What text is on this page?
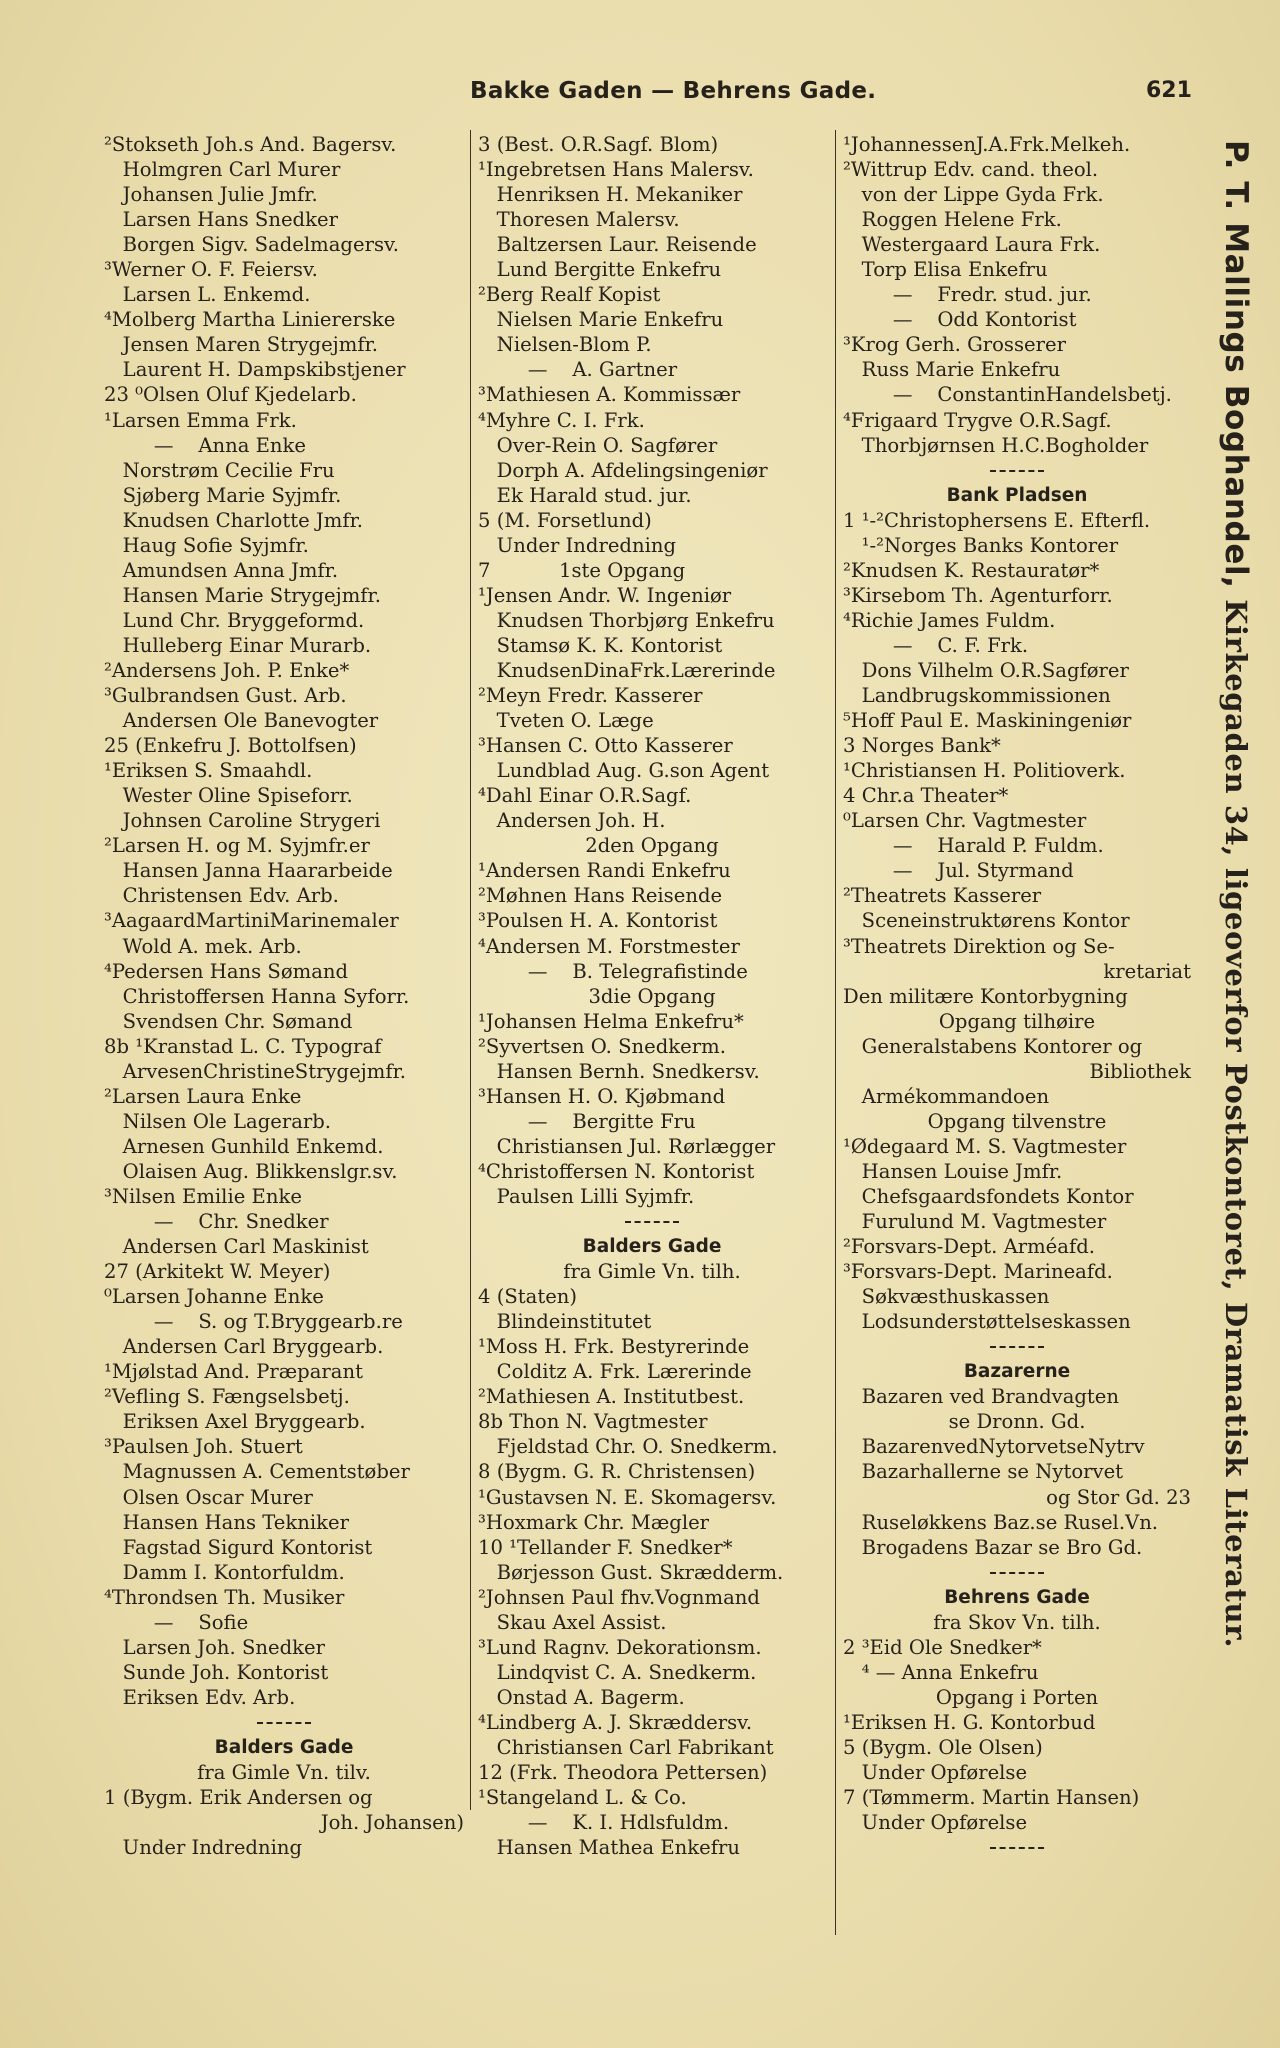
Bakke Gaden — Behrens Gade.	621
²Stokseth Joh.s And. Bagersv.
Holmgren Carl Murer
Johansen Julie Jmfr.
Larsen Hans Snedker
Borgen Sigv. Sadelmagersv.
³Werner O. F. Feiersv.
Larsen L. Enkemd.
⁴Molberg Martha Liniererske
Jensen Maren Strygejmfr.
Laurent H. Dampskibstjener
23 ⁰Olsen Oluf Kjedelarb.
¹Larsen Emma Frk.
—    Anna Enke
Norstrøm Cecilie Fru
Sjøberg Marie Syjmfr.
Knudsen Charlotte Jmfr.
Haug Sofie Syjmfr.
Amundsen Anna Jmfr.
Hansen Marie Strygejmfr.
Lund Chr. Bryggeformd.
Hulleberg Einar Murarb.
²Andersens Joh. P. Enke*
³Gulbrandsen Gust. Arb.
Andersen Ole Banevogter
25 (Enkefru J. Bottolfsen)
¹Eriksen S. Smaahdl.
Wester Oline Spiseforr.
Johnsen Caroline Strygeri
²Larsen H. og M. Syjmfr.er
Hansen Janna Haararbeide
Christensen Edv. Arb.
³AagaardMartiniMarinemaler
Wold A. mek. Arb.
⁴Pedersen Hans Sømand
Christoffersen Hanna Syforr.
Svendsen Chr. Sømand
8b ¹Kranstad L. C. Typograf
ArvesenChristineStrygejmfr.
²Larsen Laura Enke
Nilsen Ole Lagerarb.
Arnesen Gunhild Enkemd.
Olaisen Aug. Blikkenslgr.sv.
³Nilsen Emilie Enke
—    Chr. Snedker
Andersen Carl Maskinist
27 (Arkitekt W. Meyer)
⁰Larsen Johanne Enke
—    S. og T.Bryggearb.re
Andersen Carl Bryggearb.
¹Mjølstad And. Præparant
²Vefling S. Fængselsbetj.
Eriksen Axel Bryggearb.
³Paulsen Joh. Stuert
Magnussen A. Cementstøber
Olsen Oscar Murer
Hansen Hans Tekniker
Fagstad Sigurd Kontorist
Damm I. Kontorfuldm.
⁴Throndsen Th. Musiker
—    Sofie
Larsen Joh. Snedker
Sunde Joh. Kontorist
Eriksen Edv. Arb.
Balders Gade
fra Gimle Vn. tilv.
1 (Bygm. Erik Andersen og
Joh. Johansen)
Under Indredning
3 (Best. O.R.Sagf. Blom)
¹Ingebretsen Hans Malersv.
Henriksen H. Mekaniker
Thoresen Malersv.
Baltzersen Laur. Reisende
Lund Bergitte Enkefru
²Berg Realf Kopist
Nielsen Marie Enkefru
Nielsen-Blom P.
—    A. Gartner
³Mathiesen A. Kommissær
⁴Myhre C. I. Frk.
Over-Rein O. Sagfører
Dorph A. Afdelingsingeniør
Ek Harald stud. jur.
5 (M. Forsetlund)
Under Indredning
7           1ste Opgang
¹Jensen Andr. W. Ingeniør
Knudsen Thorbjørg Enkefru
Stamsø K. K. Kontorist
KnudsenDinaFrk.Lærerinde
²Meyn Fredr. Kasserer
Tveten O. Læge
³Hansen C. Otto Kasserer
Lundblad Aug. G.son Agent
⁴Dahl Einar O.R.Sagf.
Andersen Joh. H.
2den Opgang
¹Andersen Randi Enkefru
²Møhnen Hans Reisende
³Poulsen H. A. Kontorist
⁴Andersen M. Forstmester
—    B. Telegrafistinde
3die Opgang
¹Johansen Helma Enkefru*
²Syvertsen O. Snedkerm.
Hansen Bernh. Snedkersv.
³Hansen H. O. Kjøbmand
—    Bergitte Fru
Christiansen Jul. Rørlægger
⁴Christoffersen N. Kontorist
Paulsen Lilli Syjmfr.
Balders Gade
fra Gimle Vn. tilh.
4 (Staten)
Blindeinstitutet
¹Moss H. Frk. Bestyrerinde
Colditz A. Frk. Lærerinde
²Mathiesen A. Institutbest.
8b Thon N. Vagtmester
Fjeldstad Chr. O. Snedkerm.
8 (Bygm. G. R. Christensen)
¹Gustavsen N. E. Skomagersv.
³Hoxmark Chr. Mægler
10 ¹Tellander F. Snedker*
Børjesson Gust. Skrædderm.
²Johnsen Paul fhv.Vognmand
Skau Axel Assist.
³Lund Ragnv. Dekorationsm.
Lindqvist C. A. Snedkerm.
Onstad A. Bagerm.
⁴Lindberg A. J. Skræddersv.
Christiansen Carl Fabrikant
12 (Frk. Theodora Pettersen)
¹Stangeland L. & Co.
—    K. I. Hdlsfuldm.
Hansen Mathea Enkefru
¹JohannessenJ.A.Frk.Melkeh.
²Wittrup Edv. cand. theol.
von der Lippe Gyda Frk.
Roggen Helene Frk.
Westergaard Laura Frk.
Torp Elisa Enkefru
—    Fredr. stud. jur.
—    Odd Kontorist
³Krog Gerh. Grosserer
Russ Marie Enkefru
—    ConstantinHandelsbetj.
⁴Frigaard Trygve O.R.Sagf.
Thorbjørnsen H.C.Bogholder
Bank Pladsen
1 ¹-²Christophersens E. Efterfl.
¹-²Norges Banks Kontorer
²Knudsen K. Restauratør*
³Kirsebom Th. Agenturforr.
⁴Richie James Fuldm.
—    C. F. Frk.
Dons Vilhelm O.R.Sagfører
Landbrugskommissionen
⁵Hoff Paul E. Maskiningeniør
3 Norges Bank*
¹Christiansen H. Politioverk.
4 Chr.a Theater*
⁰Larsen Chr. Vagtmester
—    Harald P. Fuldm.
—    Jul. Styrmand
²Theatrets Kasserer
Sceneinstruktørens Kontor
³Theatrets Direktion og Se-
kretariat
Den militære Kontorbygning
Opgang tilhøire
Generalstabens Kontorer og
Bibliothek
Armékommandoen
Opgang tilvenstre
¹Ødegaard M. S. Vagtmester
Hansen Louise Jmfr.
Chefsgaardsfondets Kontor
Furulund M. Vagtmester
²Forsvars-Dept. Arméafd.
³Forsvars-Dept. Marineafd.
Søkvæsthuskassen
Lodsunderstøttelseskassen
Bazarerne
Bazaren ved Brandvagten
se Dronn. Gd.
BazarenvedNytorvetseNytrv
Bazarhallerne se Nytorvet
og Stor Gd. 23
Ruseløkkens Baz.se Rusel.Vn.
Brogadens Bazar se Bro Gd.
Behrens Gade
fra Skov Vn. tilh.
2 ³Eid Ole Snedker*
⁴ — Anna Enkefru
Opgang i Porten
¹Eriksen H. G. Kontorbud
5 (Bygm. Ole Olsen)
Under Opførelse
7 (Tømmerm. Martin Hansen)
Under Opførelse
P. T. Mallings Boghandel, Kirkegaden 34, ligeoverfor Postkontoret, Dramatisk Literatur.
